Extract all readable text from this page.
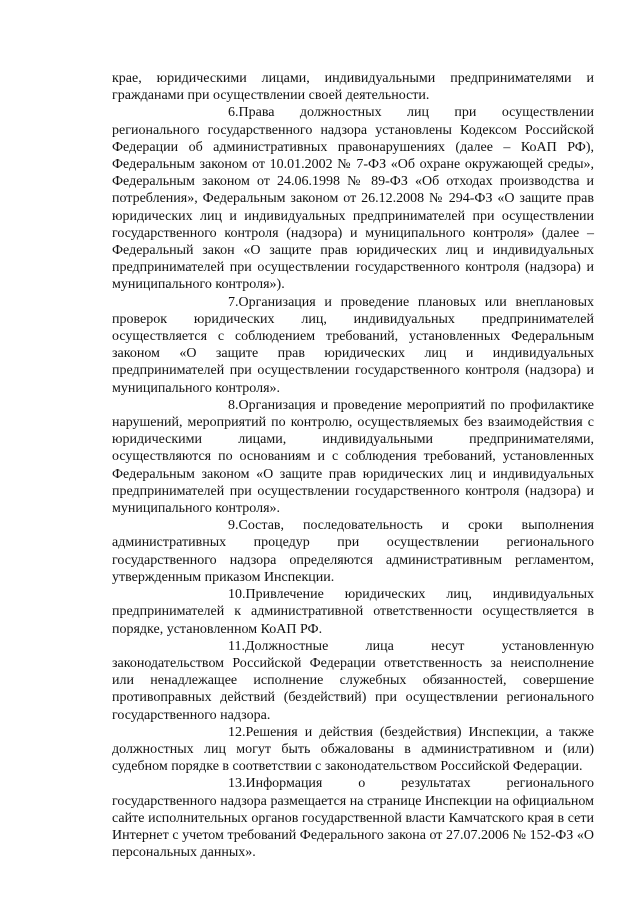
крае, юридическими лицами, индивидуальными предпринимателями и гражданами при осуществлении своей деятельности.

6.Права должностных лиц при осуществлении регионального государственного надзора установлены Кодексом Российской Федерации об административных правонарушениях (далее – КоАП РФ), Федеральным законом от 10.01.2002 № 7-ФЗ «Об охране окружающей среды», Федеральным законом от 24.06.1998 № 89-ФЗ «Об отходах производства и потребления», Федеральным законом от 26.12.2008 № 294-ФЗ «О защите прав юридических лиц и индивидуальных предпринимателей при осуществлении государственного контроля (надзора) и муниципального контроля» (далее – Федеральный закон «О защите прав юридических лиц и индивидуальных предпринимателей при осуществлении государственного контроля (надзора) и муниципального контроля»).

7.Организация и проведение плановых или внеплановых проверок юридических лиц, индивидуальных предпринимателей осуществляется с соблюдением требований, установленных Федеральным законом «О защите прав юридических лиц и индивидуальных предпринимателей при осуществлении государственного контроля (надзора) и муниципального контроля».

8.Организация и проведение мероприятий по профилактике нарушений, мероприятий по контролю, осуществляемых без взаимодействия с юридическими лицами, индивидуальными предпринимателями, осуществляются по основаниям и с соблюдения требований, установленных Федеральным законом «О защите прав юридических лиц и индивидуальных предпринимателей при осуществлении государственного контроля (надзора) и муниципального контроля».

9.Состав, последовательность и сроки выполнения административных процедур при осуществлении регионального государственного надзора определяются административным регламентом, утвержденным приказом Инспекции.

10.Привлечение юридических лиц, индивидуальных предпринимателей к административной ответственности осуществляется в порядке, установленном КоАП РФ.

11.Должностные лица несут установленную законодательством Российской Федерации ответственность за неисполнение или ненадлежащее исполнение служебных обязанностей, совершение противоправных действий (бездействий) при осуществлении регионального государственного надзора.

12.Решения и действия (бездействия) Инспекции, а также должностных лиц могут быть обжалованы в административном и (или) судебном порядке в соответствии с законодательством Российской Федерации.

13.Информация о результатах регионального государственного надзора размещается на странице Инспекции на официальном сайте исполнительных органов государственной власти Камчатского края в сети Интернет с учетом требований Федерального закона от 27.07.2006 № 152-ФЗ «О персональных данных».
